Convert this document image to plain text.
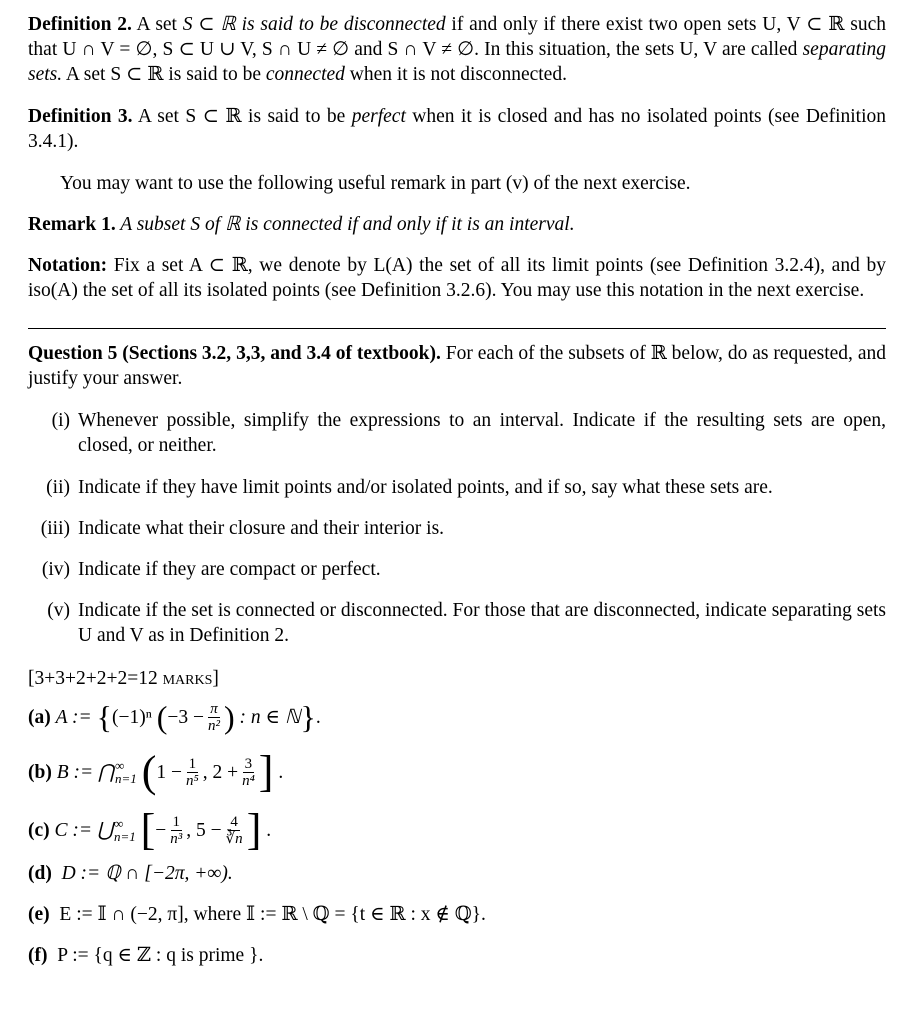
Definition 2. A set S ⊂ ℝ is said to be disconnected if and only if there exist two open sets U, V ⊂ ℝ such that U ∩ V = ∅, S ⊂ U ∪ V, S ∩ U ≠ ∅ and S ∩ V ≠ ∅. In this situation, the sets U, V are called separating sets. A set S ⊂ ℝ is said to be connected when it is not disconnected.

Definition 3. A set S ⊂ ℝ is said to be perfect when it is closed and has no isolated points (see Definition 3.4.1).

You may want to use the following useful remark in part (v) of the next exercise.

Remark 1. A subset S of ℝ is connected if and only if it is an interval.

Notation: Fix a set A ⊂ ℝ, we denote by L(A) the set of all its limit points (see Definition 3.2.4), and by iso(A) the set of all its isolated points (see Definition 3.2.6). You may use this notation in the next exercise.

Question 5 (Sections 3.2, 3,3, and 3.4 of textbook). For each of the subsets of ℝ below, do as requested, and justify your answer.

(i) Whenever possible, simplify the expressions to an interval. Indicate if the resulting sets are open, closed, or neither.
(ii) Indicate if they have limit points and/or isolated points, and if so, say what these sets are.
(iii) Indicate what their closure and their interior is.
(iv) Indicate if they are compact or perfect.
(v) Indicate if the set is connected or disconnected. For those that are disconnected, indicate separating sets U and V as in Definition 2.

[3+3+2+2+2=12 marks]

(a)
A :=
{ (−1)ⁿ
( $-3 - \frac{\pi}{\text{n²}}$ )
: n ∈ ℕ } .
(b)
B := ⋂ ∞
n=1
( $1 - \frac{1}{\text{n⁵}}$ , $2 + \frac{3}{\text{n⁴}}$ ] .
(c)
C := ⋃ ∞
n=1
[ − $\frac{1}{\text{n³}}$ , $5 - \frac{4}{∛n}$ ] .
(d) D := ℚ ∩ [−2π, +∞).
(e) E := 𝕀 ∩ (−2, π], where 𝕀 := ℝ \ ℚ = {t ∈ ℝ : x ∉ ℚ}.
(f) P := {q ∈ ℤ : q is prime }.
